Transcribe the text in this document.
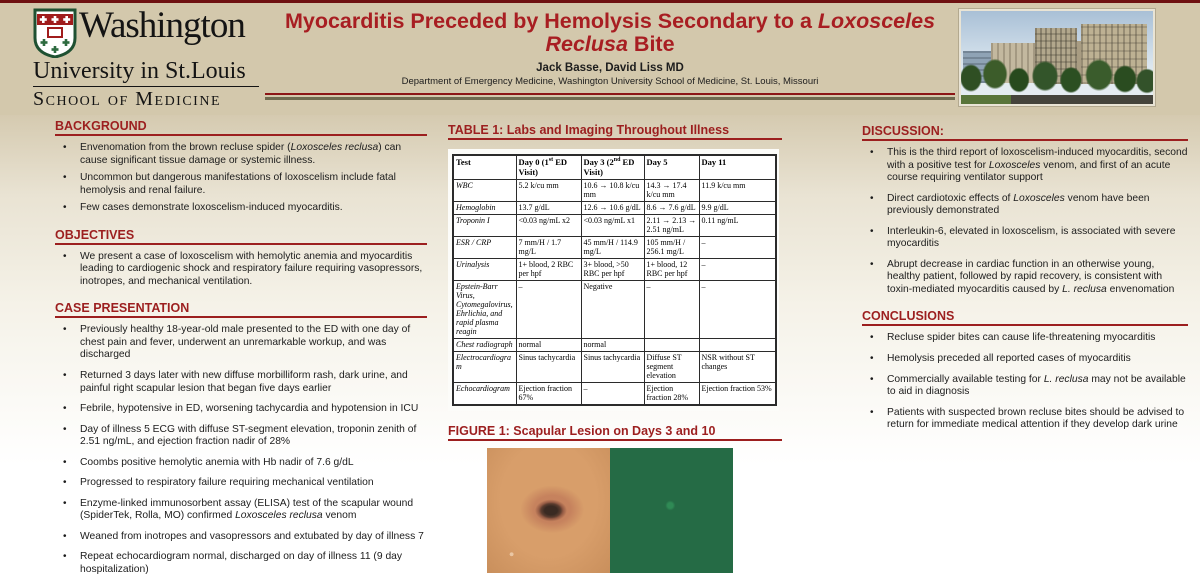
Washington
University in St.Louis
School of Medicine
Myocarditis Preceded by Hemolysis Secondary to a Loxosceles Reclusa Bite
Jack Basse, David Liss MD
Department of Emergency Medicine, Washington University School of Medicine, St. Louis, Missouri
BACKGROUND
• Envenomation from the brown recluse spider (Loxosceles reclusa) can cause significant tissue damage or systemic illness.
• Uncommon but dangerous manifestations of loxoscelism include fatal hemolysis and renal failure.
• Few cases demonstrate loxoscelism-induced myocarditis.
OBJECTIVES
• We present a case of loxoscelism with hemolytic anemia and myocarditis leading to cardiogenic shock and respiratory failure requiring vasopressors, inotropes, and mechanical ventilation.
CASE PRESENTATION
• Previously healthy 18-year-old male presented to the ED with one day of chest pain and fever, underwent an unremarkable workup, and was discharged
• Returned 3 days later with new diffuse morbilliform rash, dark urine, and painful right scapular lesion that began five days earlier
• Febrile, hypotensive in ED, worsening tachycardia and hypotension in ICU
• Day of illness 5 ECG with diffuse ST-segment elevation, troponin zenith of 2.51 ng/mL, and ejection fraction nadir of 28%
• Coombs positive hemolytic anemia with Hb nadir of 7.6 g/dL
• Progressed to respiratory failure requiring mechanical ventilation
• Enzyme-linked immunosorbent assay (ELISA) test of the scapular wound (SpiderTek, Rolla, MO) confirmed Loxosceles reclusa venom
• Weaned from inotropes and vasopressors and extubated by day of illness 7
• Repeat echocardiogram normal, discharged on day of illness 11 (9 day hospitalization)
TABLE 1: Labs and Imaging Throughout Illness
Test	Day 0 (1st ED Visit)	Day 3 (2nd ED Visit)	Day 5	Day 11
WBC	5.2 k/cu mm	10.6 → 10.8 k/cu mm	14.3 → 17.4 k/cu mm	11.9 k/cu mm
Hemoglobin	13.7 g/dL	12.6 → 10.6 g/dL	8.6 → 7.6 g/dL	9.9 g/dL
Troponin I	<0.03 ng/mL x2	<0.03 ng/mL x1	2.11 → 2.13 → 2.51 ng/mL	0.11 ng/mL
ESR / CRP	7 mm/H / 1.7 mg/L	45 mm/H / 114.9 mg/L	105 mm/H / 256.1 mg/L	–
Urinalysis	1+ blood, 2 RBC per hpf	3+ blood, >50 RBC per hpf	1+ blood, 12 RBC per hpf	–
Epstein-Barr Virus, Cytomegalovirus, Ehrlichia, and rapid plasma reagin	–	Negative	–	–
Chest radiograph	normal	normal		
Electrocardiogram	Sinus tachycardia	Sinus tachycardia	Diffuse ST segment elevation	NSR without ST changes
Echocardiogram	Ejection fraction 67%	–	Ejection fraction 28%	Ejection fraction 53%
FIGURE 1: Scapular Lesion on Days 3 and 10
DISCUSSION:
• This is the third report of loxoscelism-induced myocarditis, second with a positive test for Loxosceles venom, and first of an acute course requiring ventilator support
• Direct cardiotoxic effects of Loxosceles venom have been previously demonstrated
• Interleukin-6, elevated in loxoscelism, is associated with severe myocarditis
• Abrupt decrease in cardiac function in an otherwise young, healthy patient, followed by rapid recovery, is consistent with toxin-mediated myocarditis caused by L. reclusa envenomation
CONCLUSIONS
• Recluse spider bites can cause life-threatening myocarditis
• Hemolysis preceded all reported cases of myocarditis
• Commercially available testing for L. reclusa may not be available to aid in diagnosis
• Patients with suspected brown recluse bites should be advised to return for immediate medical attention if they develop dark urine
